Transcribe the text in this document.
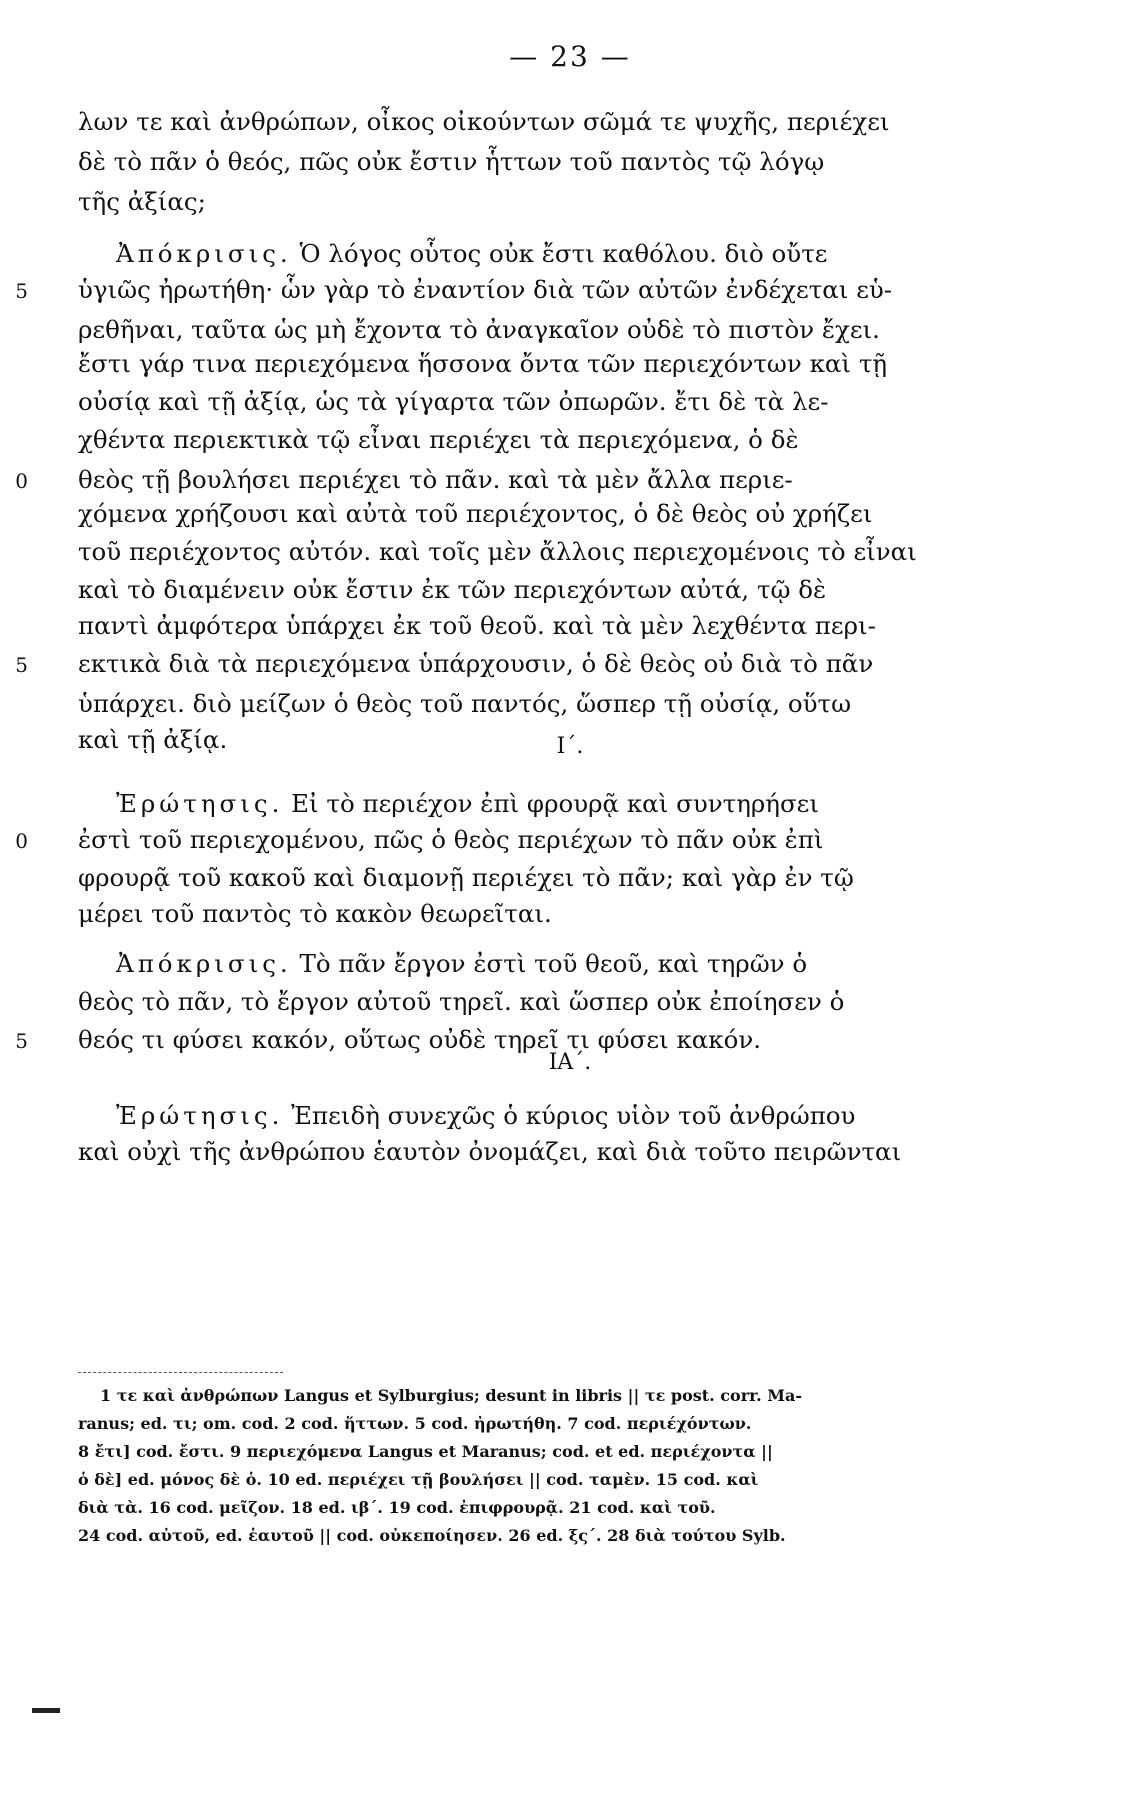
— 23 —
λων τε καὶ ἀνθρώπων, οἶκος οἰκούντων σῶμά τε ψυχῆς, περιέχει
δὲ τὸ πᾶν ὁ θεός, πῶς οὐκ ἔστιν ἧττων τοῦ παντὸς τῷ λόγῳ
τῆς ἀξίας;
Ἀπόκρισις. Ὁ λόγος οὗτος οὐκ ἔστι καθόλου. διὸ οὔτε
5 ὑγιῶς ἠρωτήθη· ὧν γὰρ τὸ ἐναντίον διὰ τῶν αὐτῶν ἐνδέχεται εὑ-
ρεθῆναι, ταῦτα ὡς μὴ ἔχοντα τὸ ἀναγκαῖον οὐδὲ τὸ πιστὸν ἔχει.
ἔστι γάρ τινα περιεχόμενα ἥσσονα ὄντα τῶν περιεχόντων καὶ τῇ
οὐσίᾳ καὶ τῇ ἀξίᾳ, ὡς τὰ γίγαρτα τῶν ὀπωρῶν. ἔτι δὲ τὰ λε-
χθέντα περιεκτικὰ τῷ εἶναι περιέχει τὰ περιεχόμενα, ὁ δὲ
0 θεὸς τῇ βουλήσει περιέχει τὸ πᾶν. καὶ τὰ μὲν ἄλλα περιε-
χόμενα χρήζουσι καὶ αὐτὰ τοῦ περιέχοντος, ὁ δὲ θεὸς οὐ χρήζει
τοῦ περιέχοντος αὐτόν. καὶ τοῖς μὲν ἄλλοις περιεχομένοις τὸ εἶναι
καὶ τὸ διαμένειν οὐκ ἔστιν ἐκ τῶν περιεχόντων αὐτά, τῷ δὲ
παντὶ ἀμφότερα ὑπάρχει ἐκ τοῦ θεοῦ. καὶ τὰ μὲν λεχθέντα περι-
5 εκτικὰ διὰ τὰ περιεχόμενα ὑπάρχουσιν, ὁ δὲ θεὸς οὐ διὰ τὸ πᾶν
ὑπάρχει. διὸ μείζων ὁ θεὸς τοῦ παντός, ὥσπερ τῇ οὐσίᾳ, οὕτω
καὶ τῇ ἀξίᾳ.
Ἐρώτησις. Εἰ τὸ περιέχον ἐπὶ φρουρᾷ καὶ συντηρήσει
0 ἐστὶ τοῦ περιεχομένου, πῶς ὁ θεὸς περιέχων τὸ πᾶν οὐκ ἐπὶ
φρουρᾷ τοῦ κακοῦ καὶ διαμονῇ περιέχει τὸ πᾶν; καὶ γὰρ ἐν τῷ
μέρει τοῦ παντὸς τὸ κακὸν θεωρεῖται.
Ἀπόκρισις. Τὸ πᾶν ἔργον ἐστὶ τοῦ θεοῦ, καὶ τηρῶν ὁ
θεὸς τὸ πᾶν, τὸ ἔργον αὐτοῦ τηρεῖ. καὶ ὥσπερ οὐκ ἐποίησεν ὁ
5 θεός τι φύσει κακόν, οὕτως οὐδὲ τηρεῖ τι φύσει κακόν.
Ἐρώτησις. Ἐπειδὴ συνεχῶς ὁ κύριος υἱὸν τοῦ ἀνθρώπου
καὶ οὐχὶ τῆς ἀνθρώπου ἑαυτὸν ὀνομάζει, καὶ διὰ τοῦτο πειρῶνται
Ι΄.
ΙΑ΄.
1 τε καὶ ἀνθρώπων Langus et Sylburgius; desunt in libris || τε post. corr. Ma-
ranus; ed. τι; om. cod. 2 cod. ἥττων. 5 cod. ἠρωτήθη. 7 cod. περιέχόντων.
8 ἔτι] cod. ἔστι. 9 περιεχόμενα Langus et Maranus; cod. et ed. περιέχοντα ||
ὁ δὲ] ed. μόνος δὲ ὁ. 10 ed. περιέχει τῇ βουλήσει || cod. ταμὲν. 15 cod. καὶ
διὰ τὰ. 16 cod. μεῖζον. 18 ed. ιβ΄. 19 cod. ἐπιφρουρᾷ. 21 cod. καὶ τοῦ.
24 cod. αὐτοῦ, ed. ἑαυτοῦ || cod. οὐκεποίησεν. 26 ed. ξς΄. 28 διὰ τούτου Sylb.
